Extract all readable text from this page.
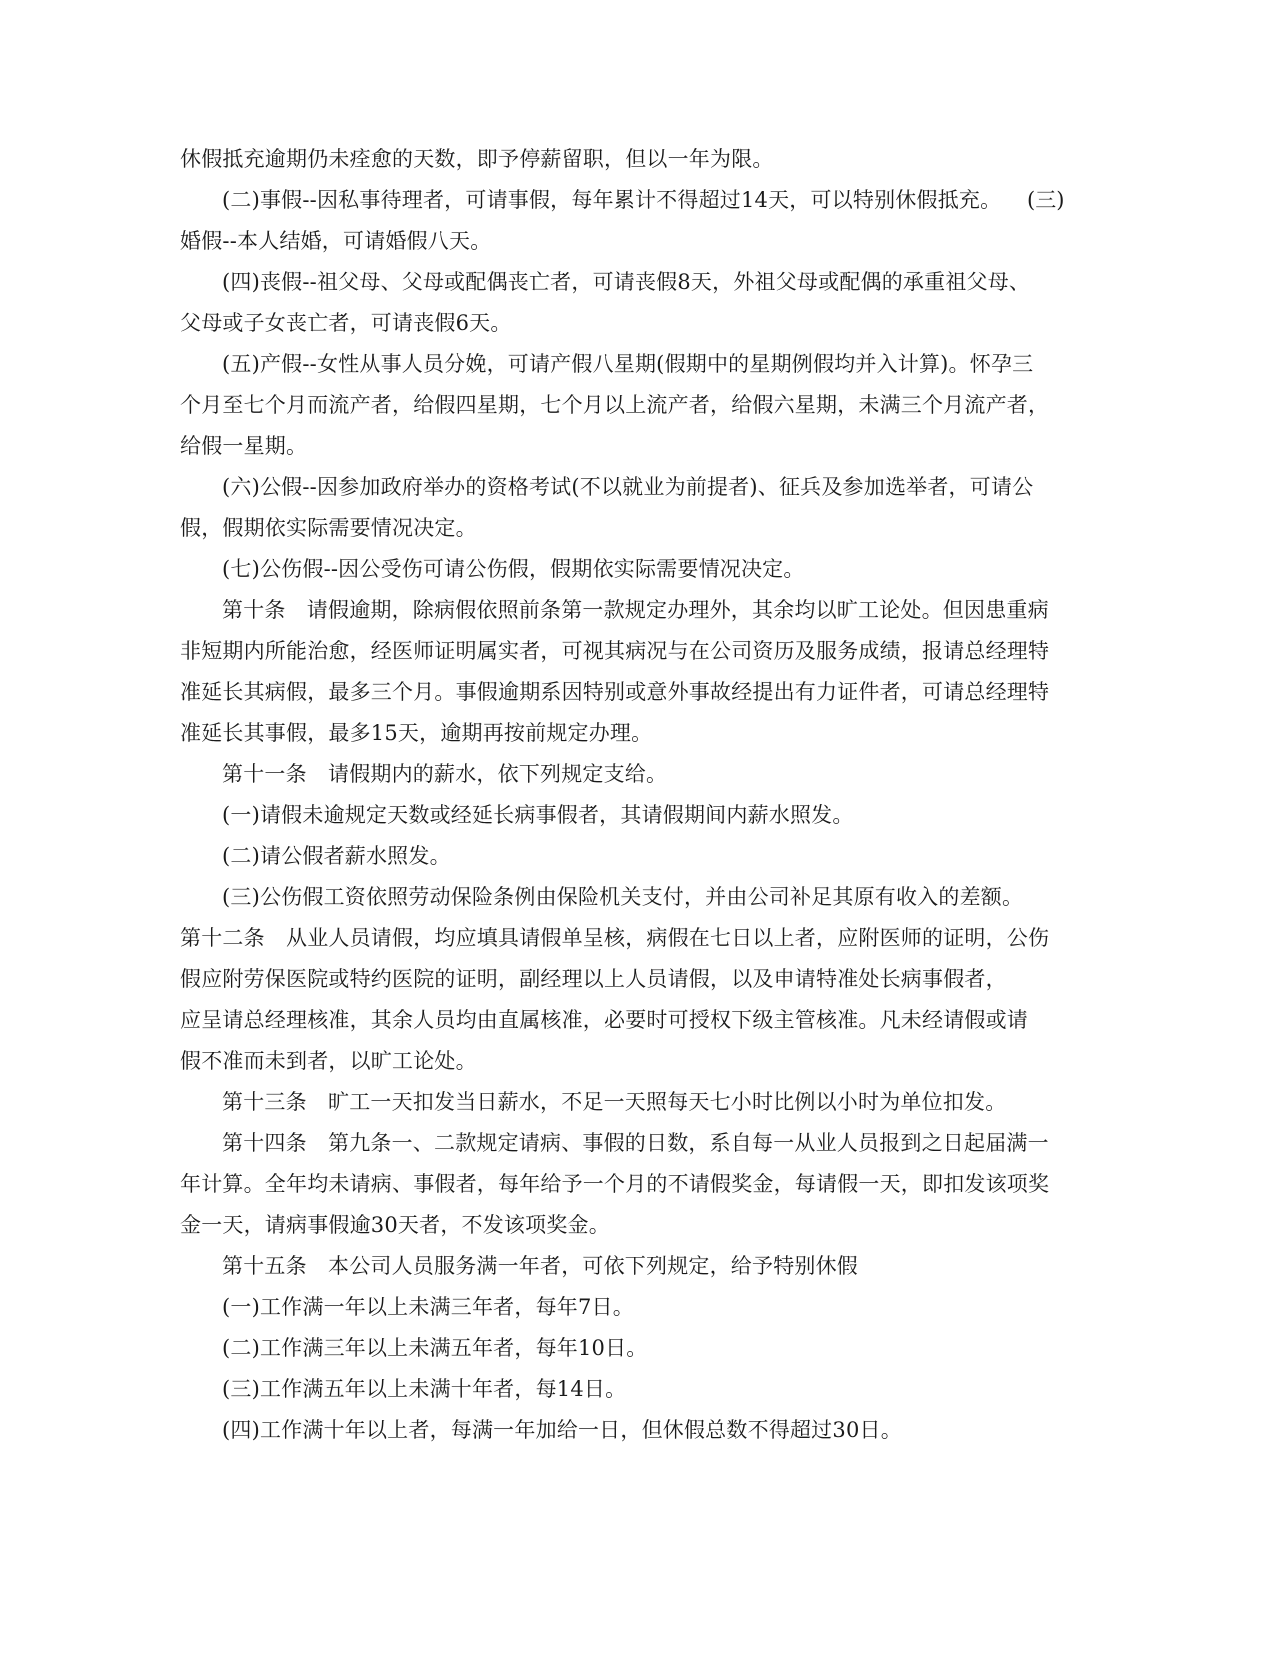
休假抵充逾期仍未痊愈的天数，即予停薪留职，但以一年为限。
(二)事假--因私事待理者，可请事假，每年累计不得超过14天，可以特别休假抵充。 (三)
婚假--本人结婚，可请婚假八天。
(四)丧假--祖父母、父母或配偶丧亡者，可请丧假8天，外祖父母或配偶的承重祖父母、
父母或子女丧亡者，可请丧假6天。
(五)产假--女性从事人员分娩，可请产假八星期(假期中的星期例假均并入计算)。怀孕三
个月至七个月而流产者，给假四星期，七个月以上流产者，给假六星期，未满三个月流产者，
给假一星期。
(六)公假--因参加政府举办的资格考试(不以就业为前提者)、征兵及参加选举者，可请公
假，假期依实际需要情况决定。
(七)公伤假--因公受伤可请公伤假，假期依实际需要情况决定。
第十条　请假逾期，除病假依照前条第一款规定办理外，其余均以旷工论处。但因患重病
非短期内所能治愈，经医师证明属实者，可视其病况与在公司资历及服务成绩，报请总经理特
准延长其病假，最多三个月。事假逾期系因特别或意外事故经提出有力证件者，可请总经理特
准延长其事假，最多15天，逾期再按前规定办理。
第十一条　请假期内的薪水，依下列规定支给。
(一)请假未逾规定天数或经延长病事假者，其请假期间内薪水照发。
(二)请公假者薪水照发。
(三)公伤假工资依照劳动保险条例由保险机关支付，并由公司补足其原有收入的差额。
第十二条　从业人员请假，均应填具请假单呈核，病假在七日以上者，应附医师的证明，公伤
假应附劳保医院或特约医院的证明，副经理以上人员请假，以及申请特准处长病事假者，
应呈请总经理核准，其余人员均由直属核准，必要时可授权下级主管核准。凡未经请假或请
假不准而未到者，以旷工论处。
第十三条　旷工一天扣发当日薪水，不足一天照每天七小时比例以小时为单位扣发。
第十四条　第九条一、二款规定请病、事假的日数，系自每一从业人员报到之日起届满一
年计算。全年均未请病、事假者，每年给予一个月的不请假奖金，每请假一天，即扣发该项奖
金一天，请病事假逾30天者，不发该项奖金。
第十五条　本公司人员服务满一年者，可依下列规定，给予特别休假
(一)工作满一年以上未满三年者，每年7日。
(二)工作满三年以上未满五年者，每年10日。
(三)工作满五年以上未满十年者，每14日。
(四)工作满十年以上者，每满一年加给一日，但休假总数不得超过30日。
